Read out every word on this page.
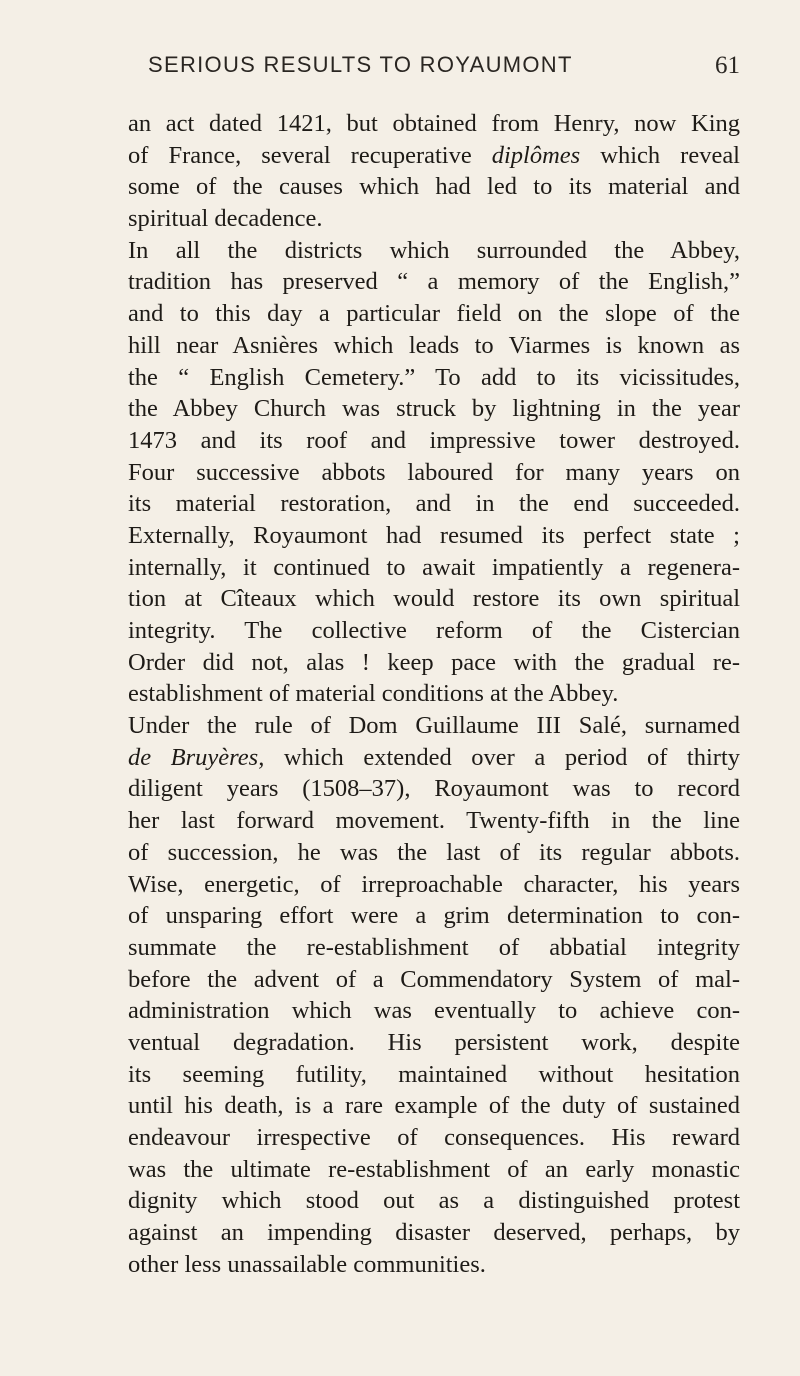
SERIOUS RESULTS TO ROYAUMONT	61
an act dated 1421, but obtained from Henry, now King
of France, several recuperative diplômes which reveal
some of the causes which had led to its material and
spiritual decadence.
In all the districts which surrounded the Abbey,
tradition has preserved “ a memory of the English,”
and to this day a particular field on the slope of the
hill near Asnières which leads to Viarmes is known as
the “ English Cemetery.” To add to its vicissitudes,
the Abbey Church was struck by lightning in the year
1473 and its roof and impressive tower destroyed.
Four successive abbots laboured for many years on
its material restoration, and in the end succeeded.
Externally, Royaumont had resumed its perfect state ;
internally, it continued to await impatiently a regenera-
tion at Cîteaux which would restore its own spiritual
integrity. The collective reform of the Cistercian
Order did not, alas ! keep pace with the gradual re-
establishment of material conditions at the Abbey.
Under the rule of Dom Guillaume III Salé, surnamed
de Bruyères, which extended over a period of thirty
diligent years (1508–37), Royaumont was to record
her last forward movement. Twenty-fifth in the line
of succession, he was the last of its regular abbots.
Wise, energetic, of irreproachable character, his years
of unsparing effort were a grim determination to con-
summate the re-establishment of abbatial integrity
before the advent of a Commendatory System of mal-
administration which was eventually to achieve con-
ventual degradation. His persistent work, despite
its seeming futility, maintained without hesitation
until his death, is a rare example of the duty of sustained
endeavour irrespective of consequences. His reward
was the ultimate re-establishment of an early monastic
dignity which stood out as a distinguished protest
against an impending disaster deserved, perhaps, by
other less unassailable communities.
